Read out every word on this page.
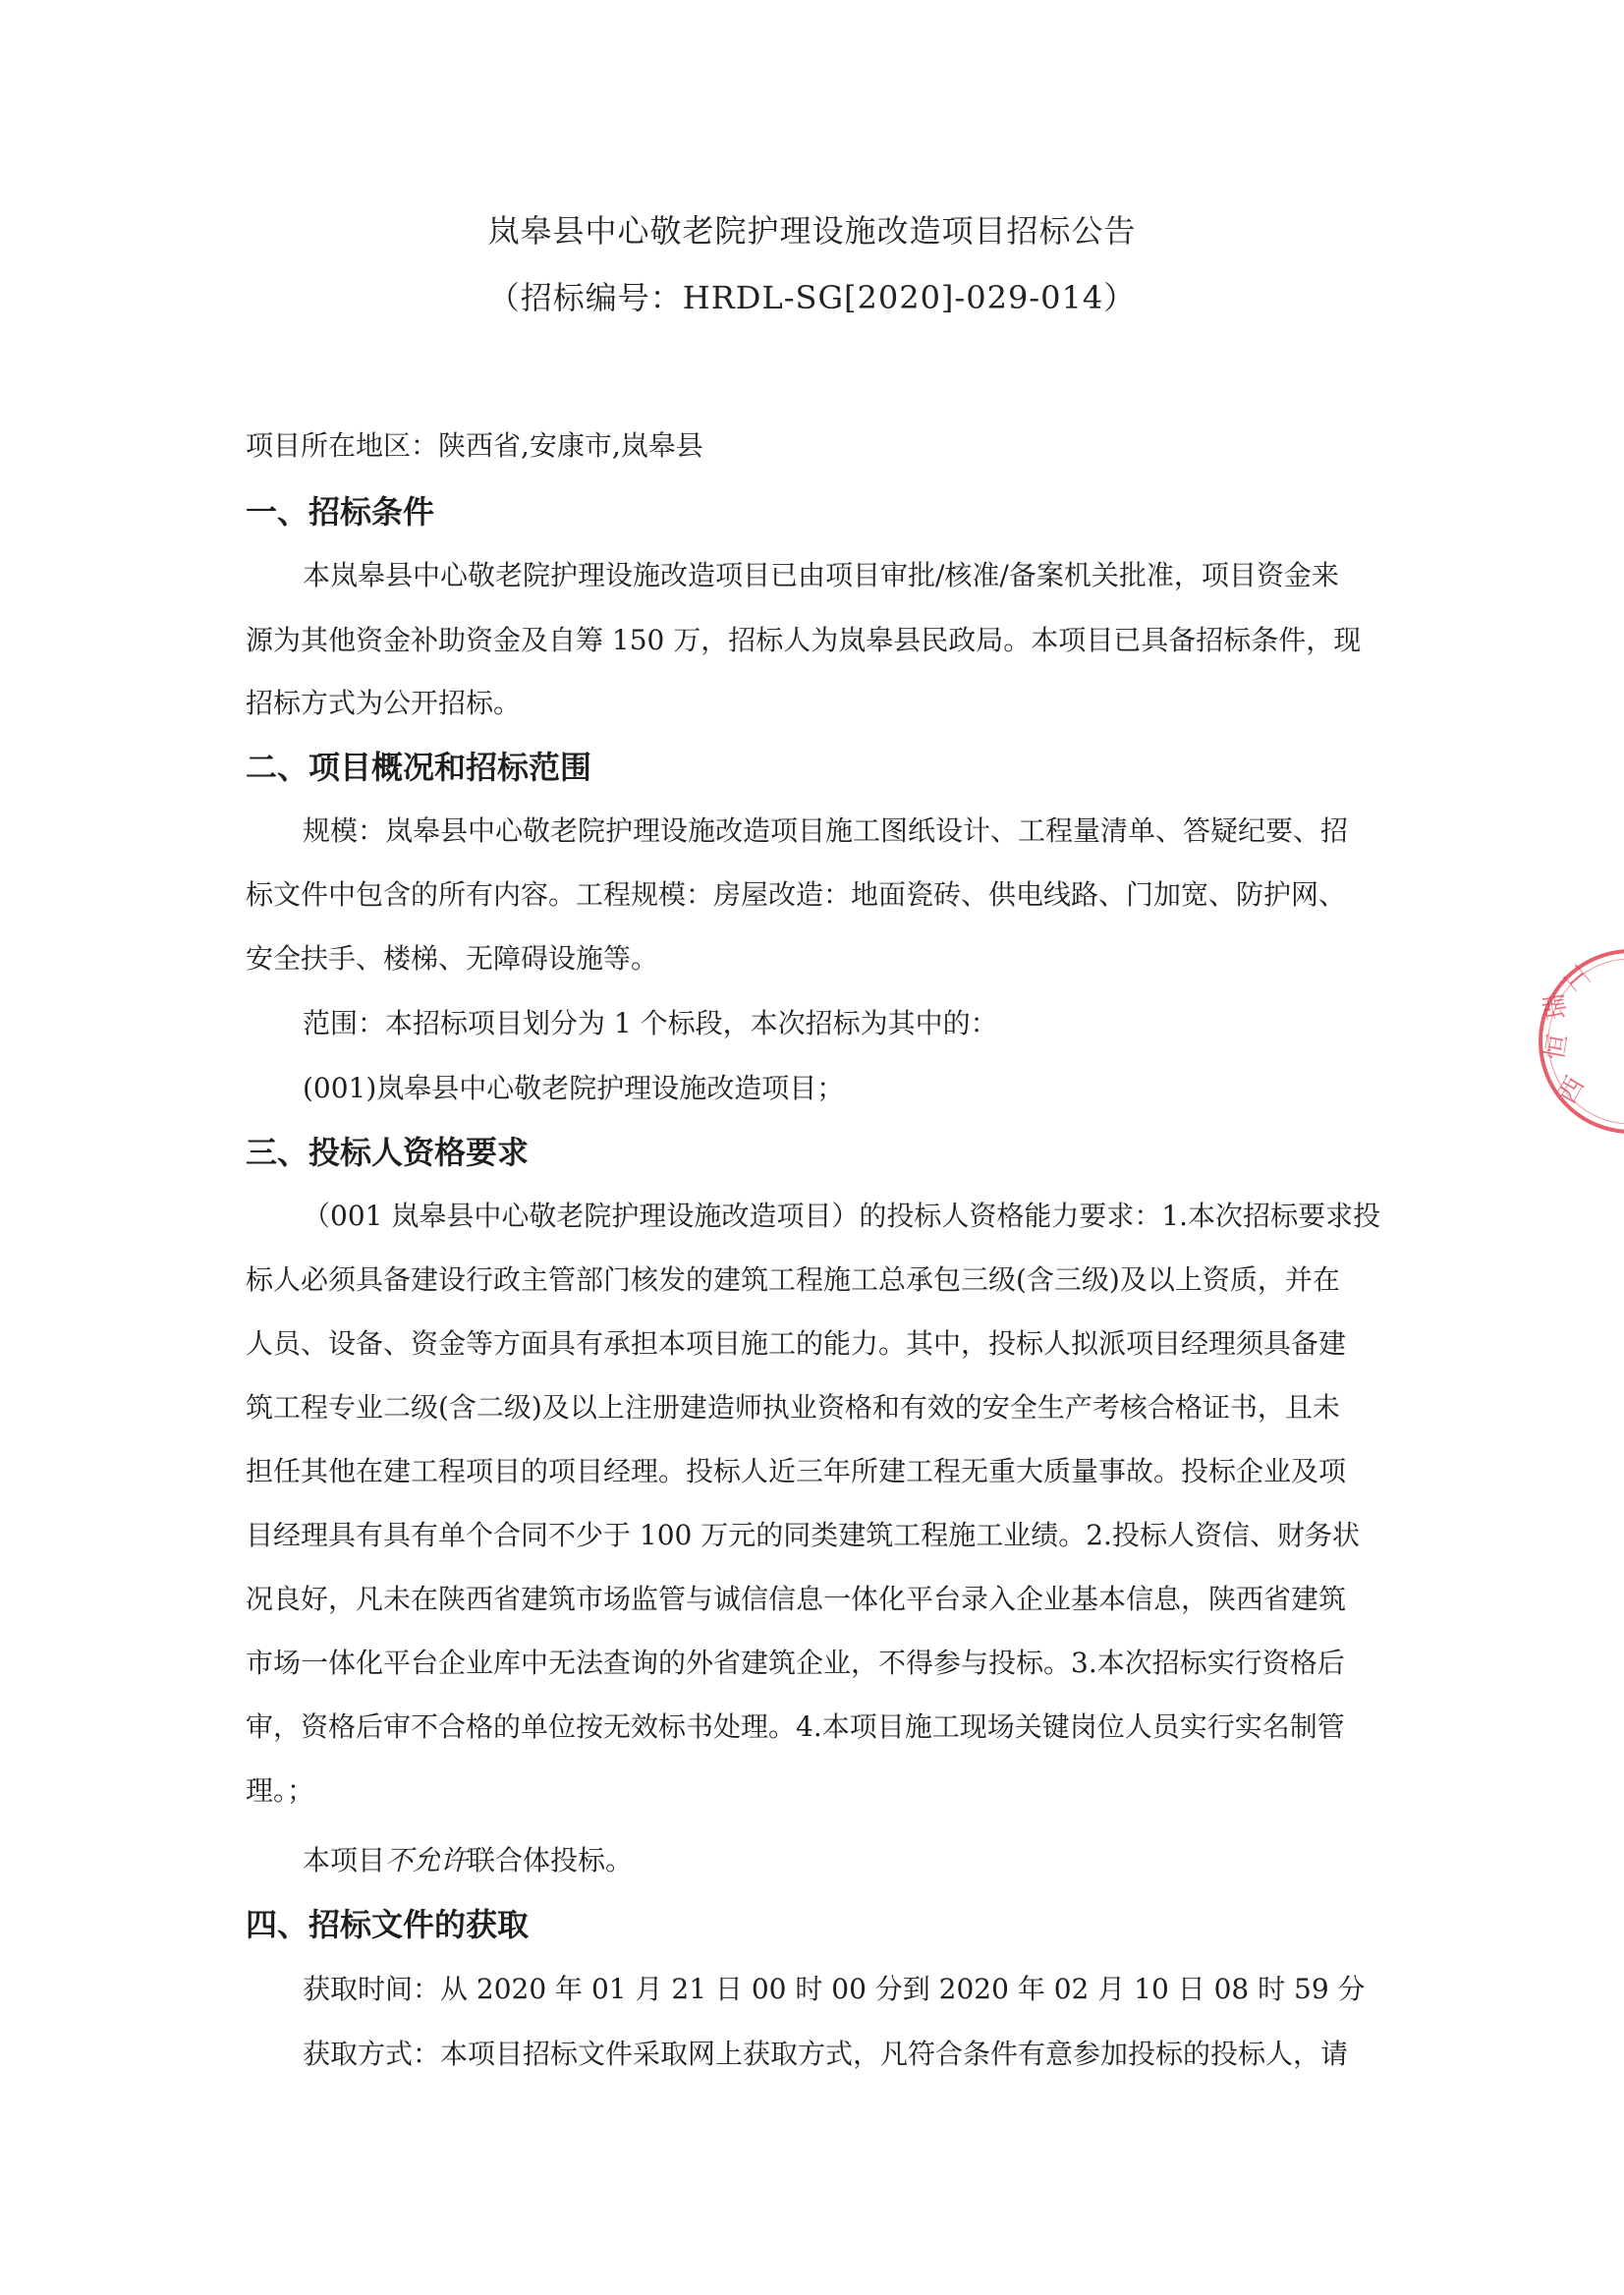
岚皋县中心敬老院护理设施改造项目招标公告
（招标编号：HRDL-SG[2020]-029-014）
项目所在地区：陕西省,安康市,岚皋县
一、招标条件
本岚皋县中心敬老院护理设施改造项目已由项目审批/核准/备案机关批准，项目资金来
源为其他资金补助资金及自筹 150 万，招标人为岚皋县民政局。本项目已具备招标条件，现
招标方式为公开招标。
二、项目概况和招标范围
规模：岚皋县中心敬老院护理设施改造项目施工图纸设计、工程量清单、答疑纪要、招
标文件中包含的所有内容。工程规模：房屋改造：地面瓷砖、供电线路、门加宽、防护网、
安全扶手、楼梯、无障碍设施等。
范围：本招标项目划分为 1 个标段，本次招标为其中的：
(001)岚皋县中心敬老院护理设施改造项目；
三、投标人资格要求
（001 岚皋县中心敬老院护理设施改造项目）的投标人资格能力要求：1.本次招标要求投
标人必须具备建设行政主管部门核发的建筑工程施工总承包三级(含三级)及以上资质，并在
人员、设备、资金等方面具有承担本项目施工的能力。其中，投标人拟派项目经理须具备建
筑工程专业二级(含二级)及以上注册建造师执业资格和有效的安全生产考核合格证书，且未
担任其他在建工程项目的项目经理。投标人近三年所建工程无重大质量事故。投标企业及项
目经理具有具有单个合同不少于 100 万元的同类建筑工程施工业绩。2.投标人资信、财务状
况良好，凡未在陕西省建筑市场监管与诚信信息一体化平台录入企业基本信息，陕西省建筑
市场一体化平台企业库中无法查询的外省建筑企业，不得参与投标。3.本次招标实行资格后
审，资格后审不合格的单位按无效标书处理。4.本项目施工现场关键岗位人员实行实名制管
理。；
本项目不允许联合体投标。
四、招标文件的获取
获取时间：从 2020 年 01 月 21 日 00 时 00 分到 2020 年 02 月 10 日 08 时 59 分
获取方式：本项目招标文件采取网上获取方式，凡符合条件有意参加投标的投标人，请
西
恒
瑞
工
